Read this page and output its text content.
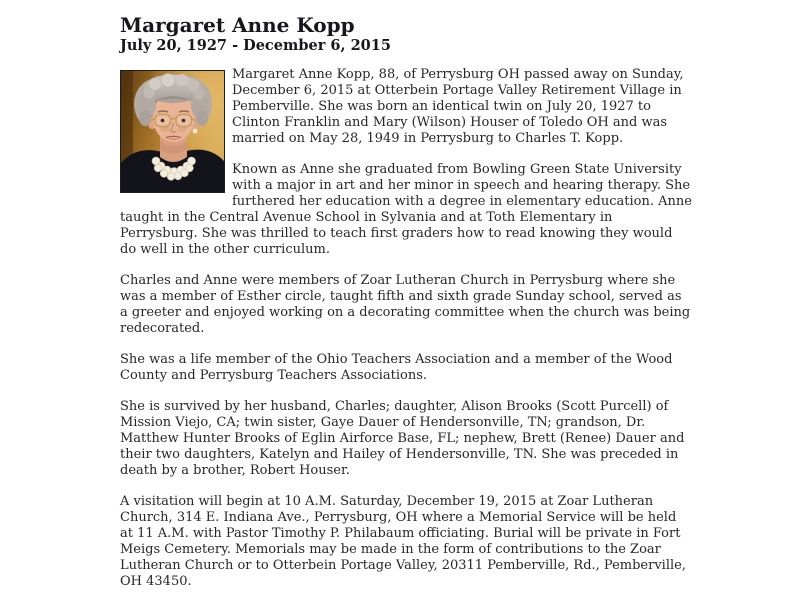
Margaret Anne Kopp
July 20, 1927 - December 6, 2015

Margaret Anne Kopp, 88, of Perrysburg OH passed away on Sunday, December 6, 2015 at Otterbein Portage Valley Retirement Village in Pemberville. She was born an identical twin on July 20, 1927 to Clinton Franklin and Mary (Wilson) Houser of Toledo OH and was married on May 28, 1949 in Perrysburg to Charles T. Kopp.

Known as Anne she graduated from Bowling Green State University with a major in art and her minor in speech and hearing therapy. She furthered her education with a degree in elementary education. Anne taught in the Central Avenue School in Sylvania and at Toth Elementary in Perrysburg. She was thrilled to teach first graders how to read knowing they would do well in the other curriculum.

Charles and Anne were members of Zoar Lutheran Church in Perrysburg where she was a member of Esther circle, taught fifth and sixth grade Sunday school, served as a greeter and enjoyed working on a decorating committee when the church was being redecorated.

She was a life member of the Ohio Teachers Association and a member of the Wood County and Perrysburg Teachers Associations.

She is survived by her husband, Charles; daughter, Alison Brooks (Scott Purcell) of Mission Viejo, CA; twin sister, Gaye Dauer of Hendersonville, TN; grandson, Dr. Matthew Hunter Brooks of Eglin Airforce Base, FL; nephew, Brett (Renee) Dauer and their two daughters, Katelyn and Hailey of Hendersonville, TN. She was preceded in death by a brother, Robert Houser.

A visitation will begin at 10 A.M. Saturday, December 19, 2015 at Zoar Lutheran Church, 314 E. Indiana Ave., Perrysburg, OH where a Memorial Service will be held at 11 A.M. with Pastor Timothy P. Philabaum officiating. Burial will be private in Fort Meigs Cemetery. Memorials may be made in the form of contributions to the Zoar Lutheran Church or to Otterbein Portage Valley, 20311 Pemberville, Rd., Pemberville, OH 43450.
